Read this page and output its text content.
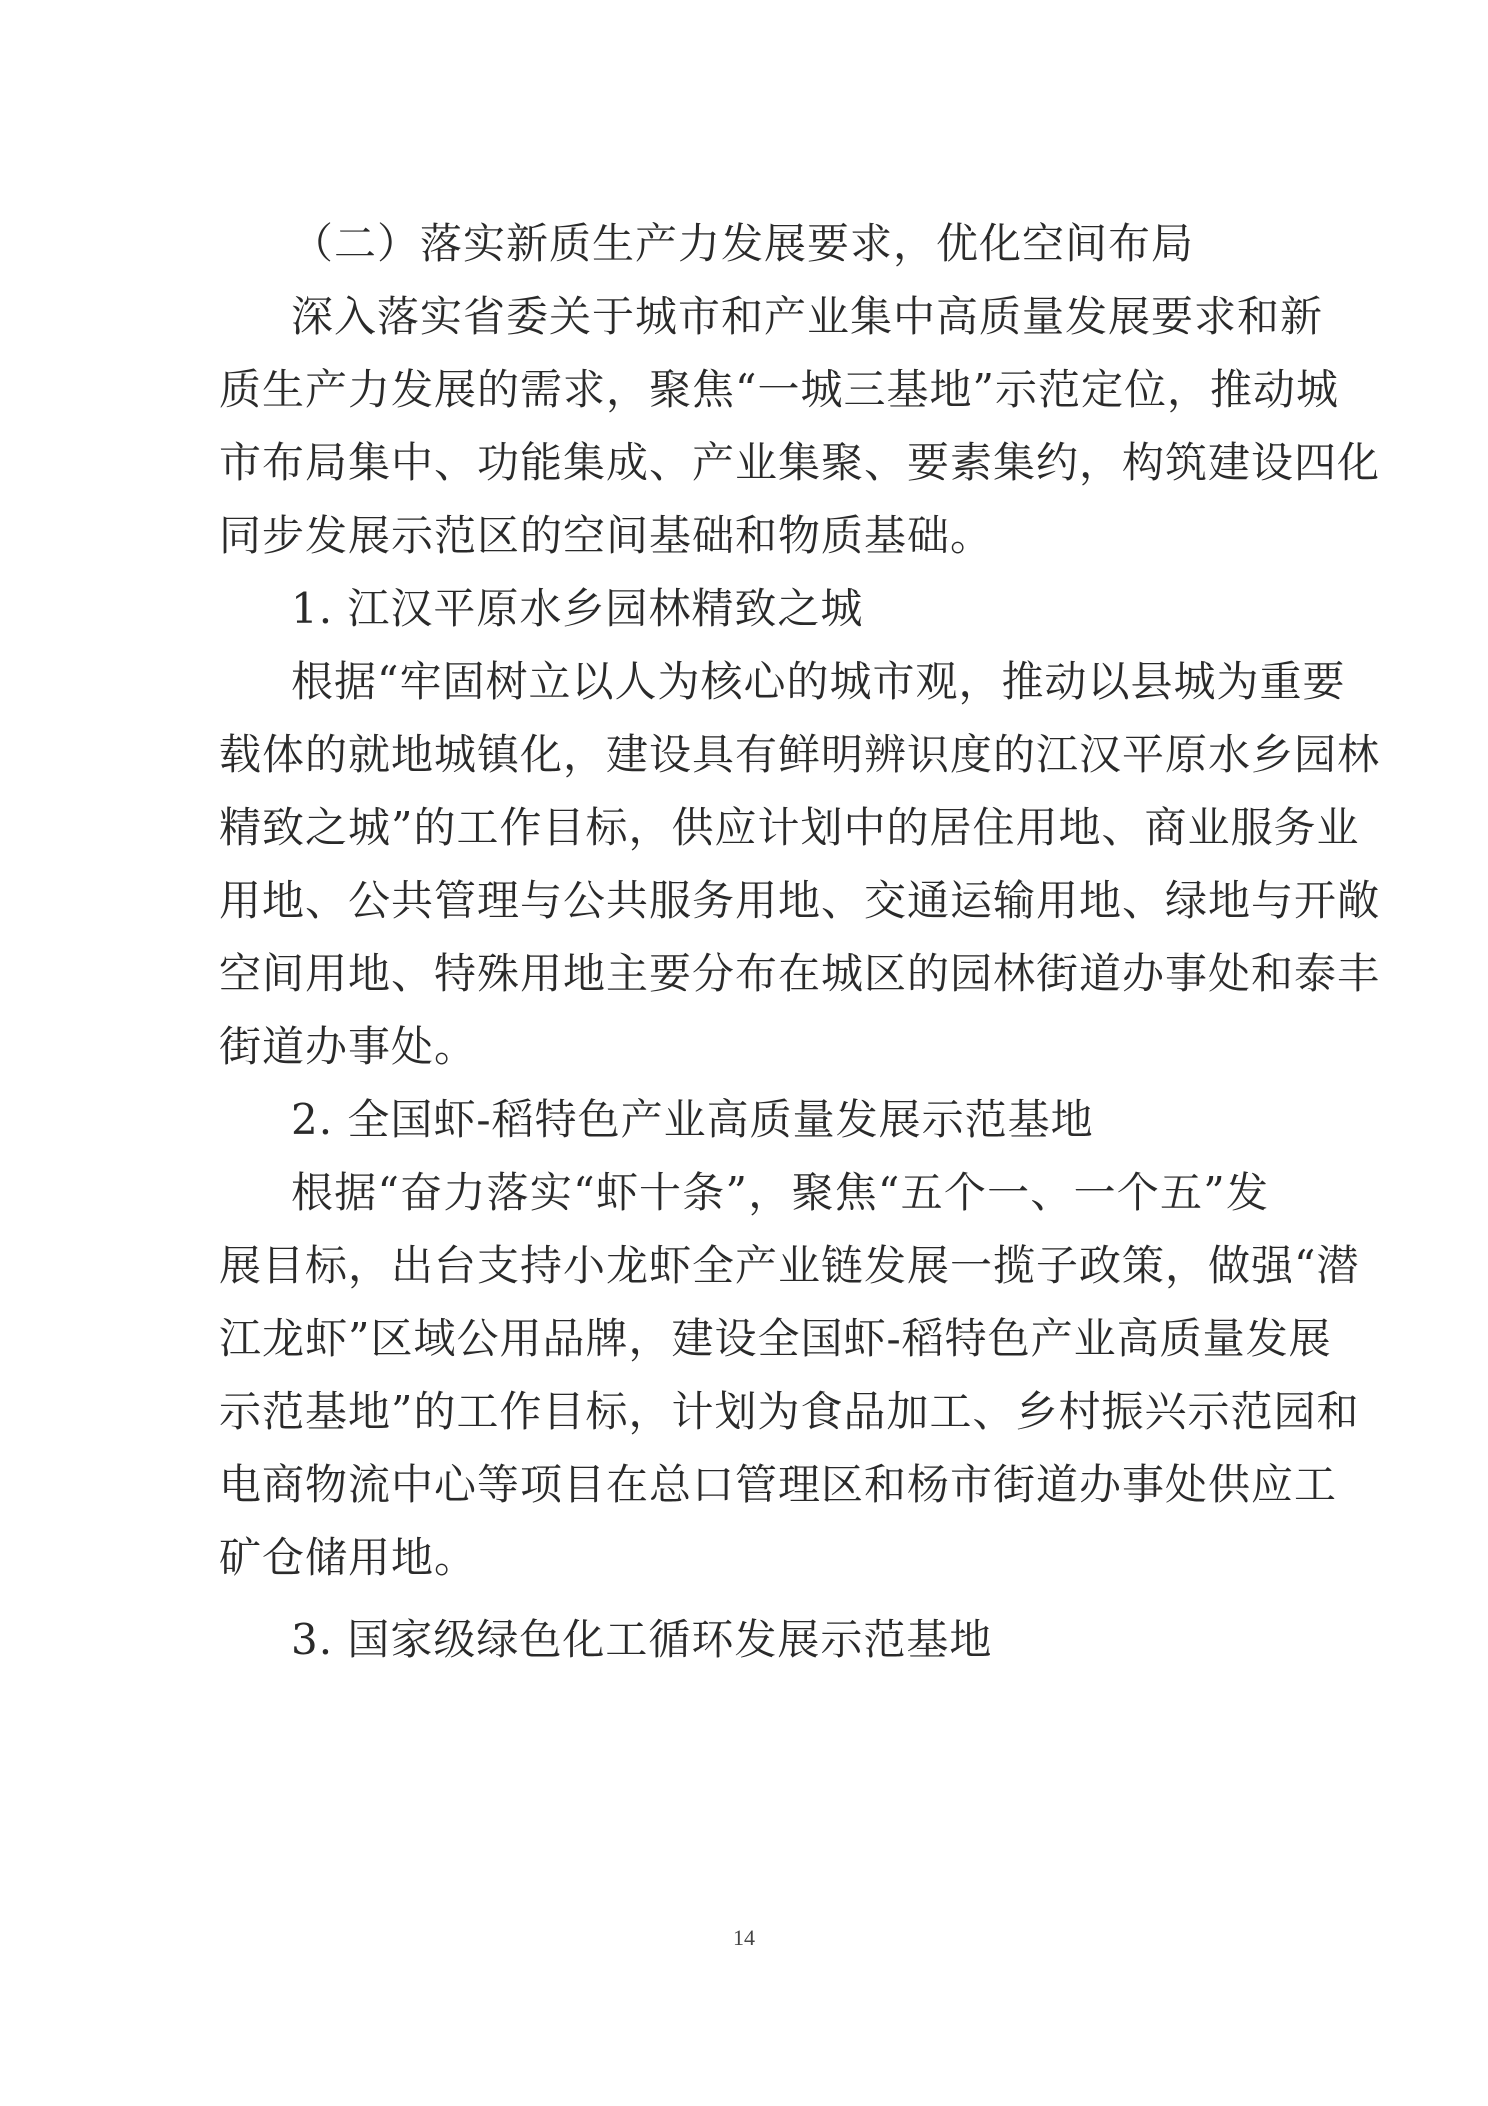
（二）落实新质生产力发展要求，优化空间布局
深入落实省委关于城市和产业集中高质量发展要求和新
质生产力发展的需求，聚焦“一城三基地”示范定位，推动城
市布局集中、功能集成、产业集聚、要素集约，构筑建设四化
同步发展示范区的空间基础和物质基础。
1. 江汉平原水乡园林精致之城
根据“牢固树立以人为核心的城市观，推动以县城为重要
载体的就地城镇化，建设具有鲜明辨识度的江汉平原水乡园林
精致之城”的工作目标，供应计划中的居住用地、商业服务业
用地、公共管理与公共服务用地、交通运输用地、绿地与开敞
空间用地、特殊用地主要分布在城区的园林街道办事处和泰丰
街道办事处。
2. 全国虾-稻特色产业高质量发展示范基地
根据“奋力落实“虾十条”，聚焦“五个一、一个五”发
展目标，出台支持小龙虾全产业链发展一揽子政策，做强“潜
江龙虾”区域公用品牌，建设全国虾-稻特色产业高质量发展
示范基地”的工作目标，计划为食品加工、乡村振兴示范园和
电商物流中心等项目在总口管理区和杨市街道办事处供应工
矿仓储用地。
3. 国家级绿色化工循环发展示范基地
14
